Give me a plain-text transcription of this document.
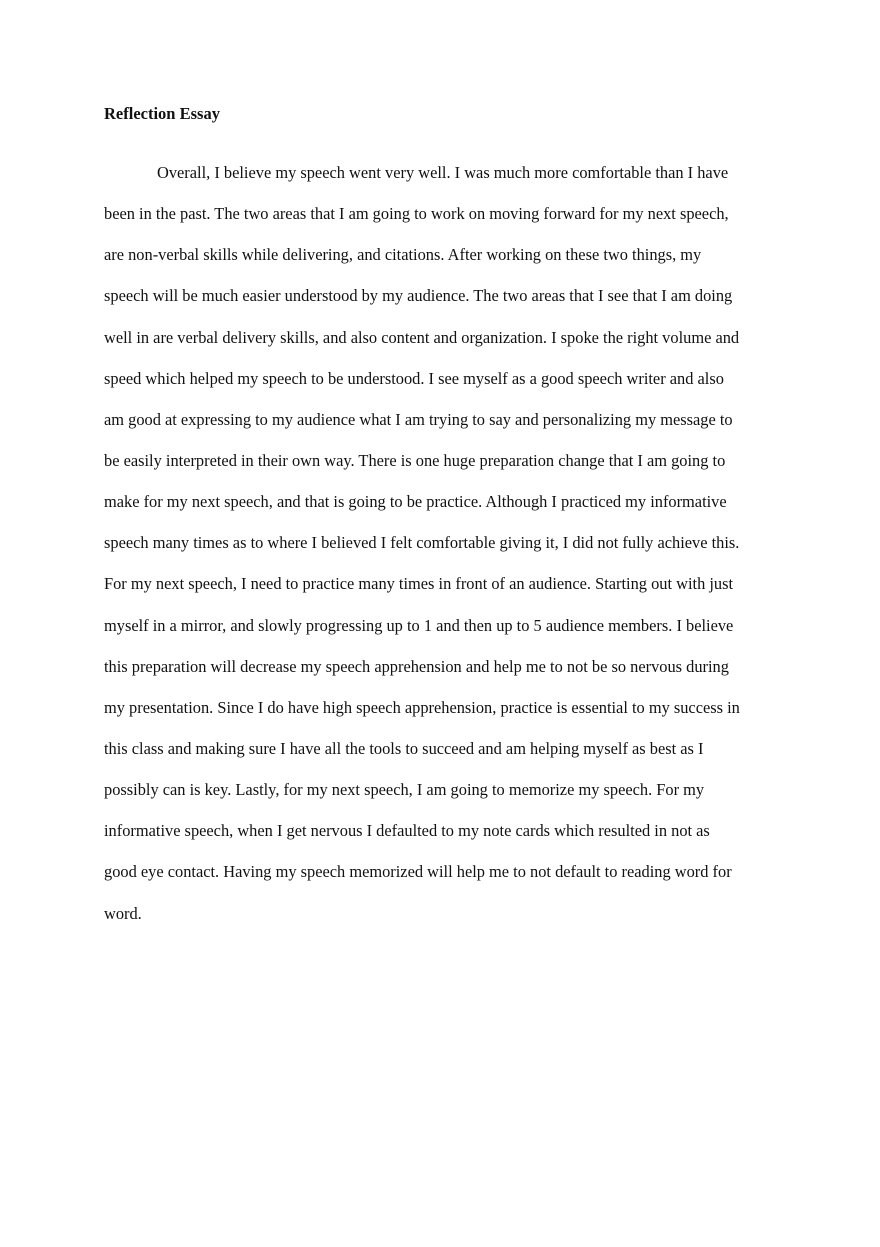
Reflection Essay
Overall, I believe my speech went very well. I was much more comfortable than I have
been in the past. The two areas that I am going to work on moving forward for my next speech,
are non-verbal skills while delivering, and citations. After working on these two things, my
speech will be much easier understood by my audience. The two areas that I see that I am doing
well in are verbal delivery skills, and also content and organization. I spoke the right volume and
speed which helped my speech to be understood. I see myself as a good speech writer and also
am good at expressing to my audience what I am trying to say and personalizing my message to
be easily interpreted in their own way. There is one huge preparation change that I am going to
make for my next speech, and that is going to be practice. Although I practiced my informative
speech many times as to where I believed I felt comfortable giving it, I did not fully achieve this.
For my next speech, I need to practice many times in front of an audience. Starting out with just
myself in a mirror, and slowly progressing up to 1 and then up to 5 audience members. I believe
this preparation will decrease my speech apprehension and help me to not be so nervous during
my presentation. Since I do have high speech apprehension, practice is essential to my success in
this class and making sure I have all the tools to succeed and am helping myself as best as I
possibly can is key. Lastly, for my next speech, I am going to memorize my speech. For my
informative speech, when I get nervous I defaulted to my note cards which resulted in not as
good eye contact. Having my speech memorized will help me to not default to reading word for
word.
